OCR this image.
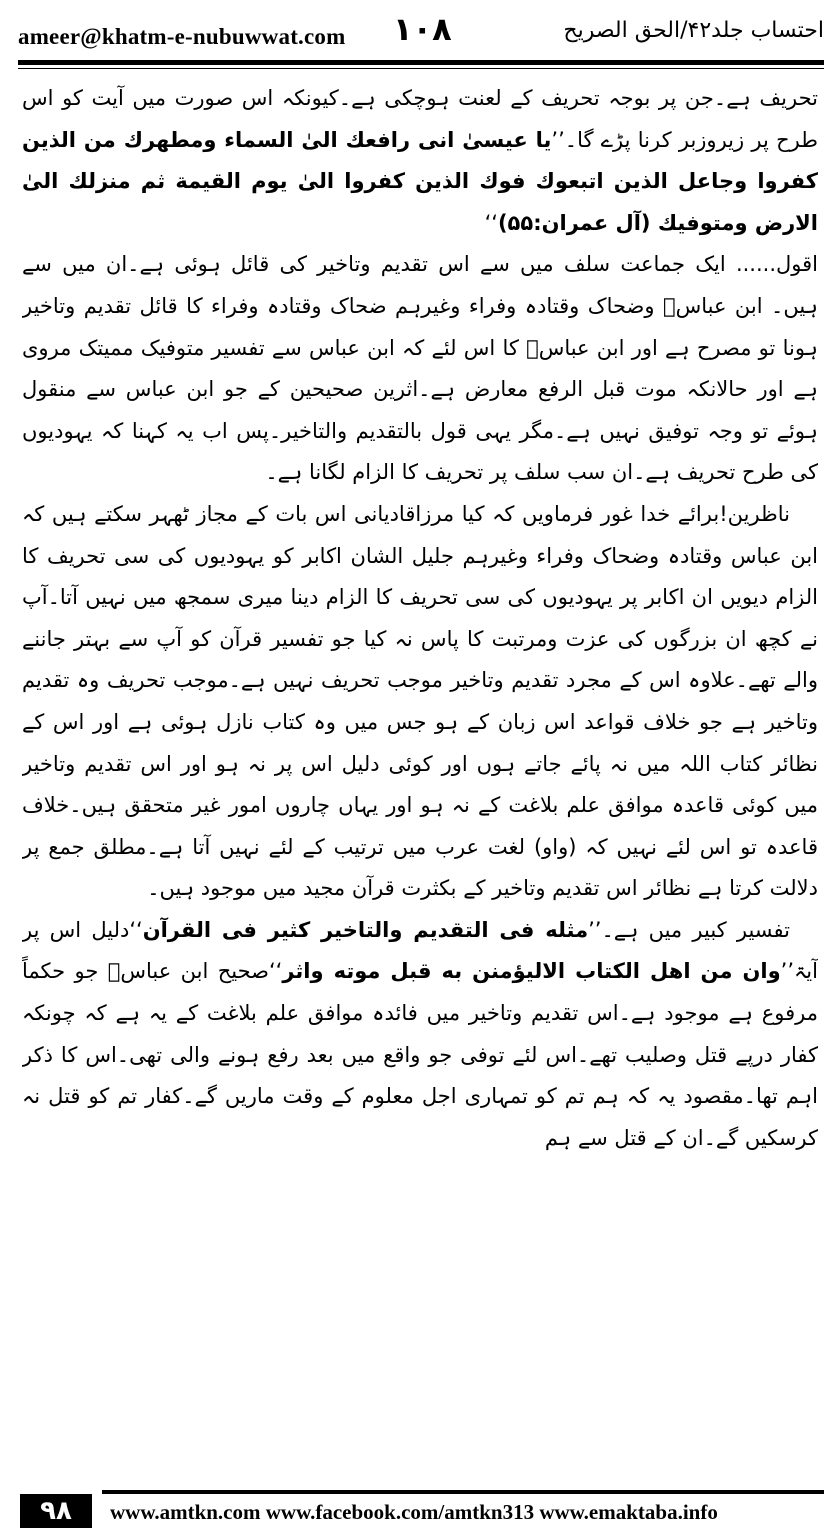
ameer@khatm-e-nubuwwat.com ۱۰۸	احتساب جلد۴۲/الحق الصریح

تحریف ہے۔جن پر بوجہ تحریف کے لعنت ہوچکی ہے۔کیونکہ اس صورت میں آیت کو اس طرح پر زیروزبر کرنا پڑے گا۔’’یا عیسیٰ انی رافعك الیٰ السماء ومطهرك من الذین کفروا وجاعل الذین اتبعوك فوك الذین کفروا الیٰ یوم القیمة ثم منزلك الیٰ الارض ومتوفیك (آل عمران:۵۵)‘‘

اقول...... ایک جماعت سلف میں سے اس تقدیم وتاخیر کی قائل ہوئی ہے۔ان میں سے ہیں۔ ابن عباسؓ وضحاک وقتادہ وفراء وغیرہم ضحاک وقتادہ وفراء کا قائل تقدیم وتاخیر ہونا تو مصرح ہے اور ابن عباسؓ کا اس لئے کہ ابن عباس سے تفسیر متوفیک ممیتک مروی ہے اور حالانکہ موت قبل الرفع معارض ہے۔اثرین صحیحین کے جو ابن عباس سے منقول ہوئے تو وجہ توفیق نہیں ہے۔مگر یہی قول بالتقدیم والتاخیر۔پس اب یہ کہنا کہ یہودیوں کی طرح تحریف ہے۔ان سب سلف پر تحریف کا الزام لگانا ہے۔

ناظرین!برائے خدا غور فرماویں کہ کیا مرزاقادیانی اس بات کے مجاز ٹھہر سکتے ہیں کہ ابن عباس وقتادہ وضحاک وفراء وغیرہم جلیل الشان اکابر کو یہودیوں کی سی تحریف کا الزام دیویں ان اکابر پر یہودیوں کی سی تحریف کا الزام دینا میری سمجھ میں نہیں آتا۔آپ نے کچھ ان بزرگوں کی عزت ومرتبت کا پاس نہ کیا جو تفسیر قرآن کو آپ سے بہتر جاننے والے تھے۔علاوہ اس کے مجرد تقدیم وتاخیر موجب تحریف نہیں ہے۔موجب تحریف وہ تقدیم وتاخیر ہے جو خلاف قواعد اس زبان کے ہو جس میں وہ کتاب نازل ہوئی ہے اور اس کے نظائر کتاب اللہ میں نہ پائے جاتے ہوں اور کوئی دلیل اس پر نہ ہو اور اس تقدیم وتاخیر میں کوئی قاعدہ موافق علم بلاغت کے نہ ہو اور یہاں چاروں امور غیر متحقق ہیں۔خلاف قاعدہ تو اس لئے نہیں کہ (واو) لغت عرب میں ترتیب کے لئے نہیں آتا ہے۔مطلق جمع پر دلالت کرتا ہے نظائر اس تقدیم وتاخیر کے بکثرت قرآن مجید میں موجود ہیں۔

تفسیر کبیر میں ہے۔’’مثله فی التقدیم والتاخیر کثیر فی القرآن‘‘دلیل اس پر آیۃ’’وان من اهل الکتاب الالیؤمنن به قبل موته واثر‘‘صحیح ابن عباسؓ جو حکماً مرفوع ہے موجود ہے۔اس تقدیم وتاخیر میں فائدہ موافق علم بلاغت کے یہ ہے کہ چونکہ کفار درپے قتل وصلیب تھے۔اس لئے توفی جو واقع میں بعد رفع ہونے والی تھی۔اس کا ذکر اہم تھا۔مقصود یہ کہ ہم تم کو تمہاری اجل معلوم کے وقت ماریں گے۔کفار تم کو قتل نہ کرسکیں گے۔ان کے قتل سے ہم

۹۸	www.amtkn.com www.facebook.com/amtkn313 www.emaktaba.info
